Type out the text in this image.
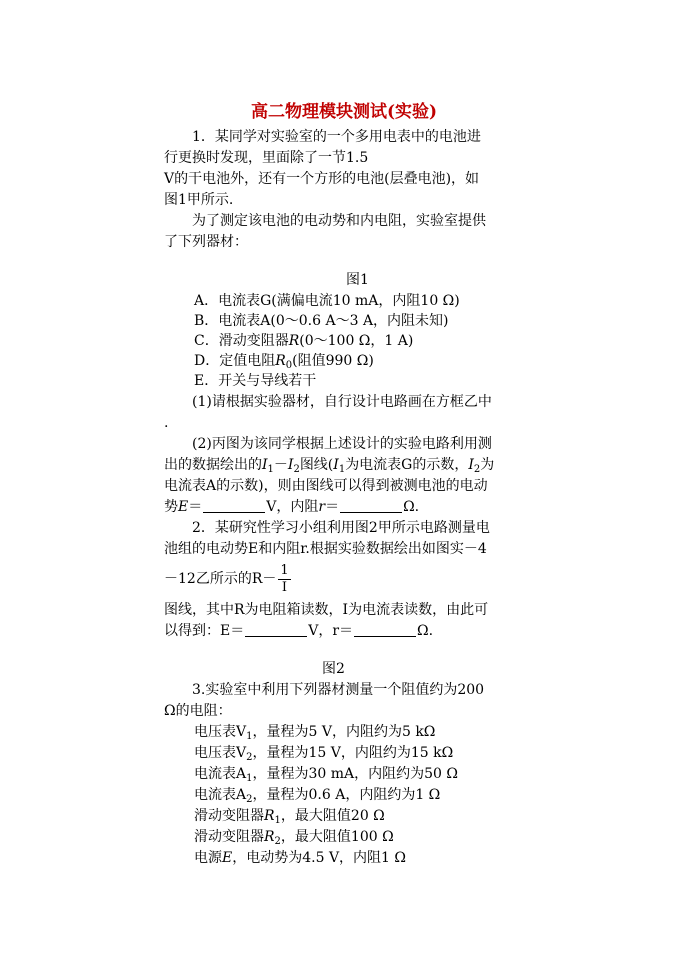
高二物理模块测试(实验)
1．某同学对实验室的一个多用电表中的电池进
行更换时发现，里面除了一节1.5
V的干电池外，还有一个方形的电池(层叠电池)，如
图1甲所示.
为了测定该电池的电动势和内电阻，实验室提供
了下列器材：
图1
A．电流表G(满偏电流10 mA，内阻10 Ω)
B．电流表A(0～0.6 A～3 A，内阻未知)
C．滑动变阻器R(0～100 Ω，1 A)
D．定值电阻$R_0$(阻值990 Ω)
E．开关与导线若干
(1)请根据实验器材，自行设计电路画在方框乙中
.
(2)丙图为该同学根据上述设计的实验电路利用测
出的数据绘出的$I_1-I_2$图线($I_1$为电流表G的示数，$I_2$为
电流表A的示数)，则由图线可以得到被测电池的电动
势E＝	V，内阻r＝	Ω.
2．某研究性学习小组利用图2甲所示电路测量电
池组的电动势E和内阻r.根据实验数据绘出如图实－4
－12乙所示的$R- \frac{1}{I}$
图线，其中R为电阻箱读数，I为电流表读数，由此可
以得到：E＝	V，r＝	Ω.
图2
3.实验室中利用下列器材测量一个阻值约为200
Ω的电阻：
电压表$V_1$，量程为5 V，内阻约为5 kΩ
电压表$V_2$，量程为15 V，内阻约为15 kΩ
电流表$A_1$，量程为30 mA，内阻约为50 Ω
电流表$A_2$，量程为0.6 A，内阻约为1 Ω
滑动变阻器$R_1$，最大阻值20 Ω
滑动变阻器$R_2$，最大阻值100 Ω
电源E，电动势为4.5 V，内阻1 Ω
